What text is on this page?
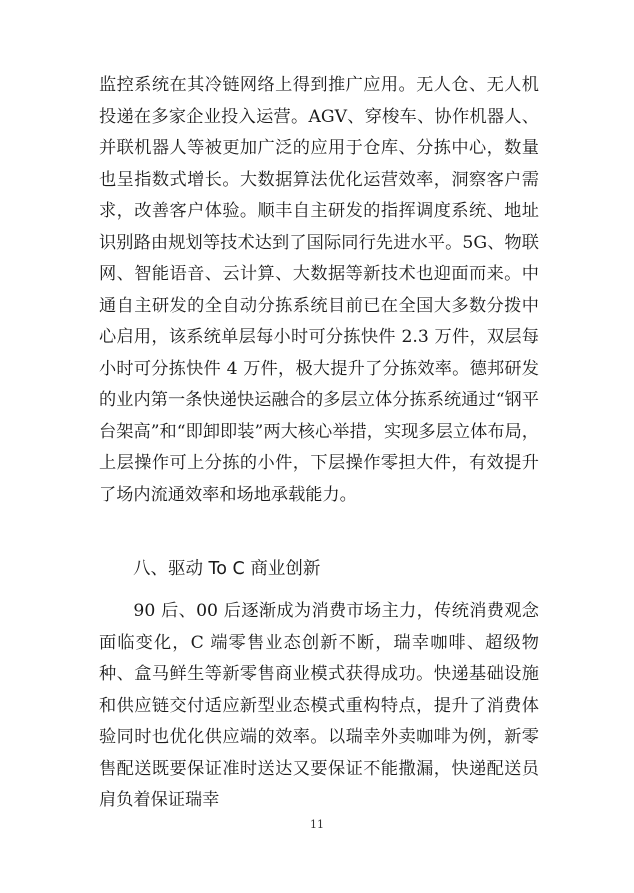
监控系统在其冷链网络上得到推广应用。无人仓、无人机投递在多家企业投入运营。AGV、穿梭车、协作机器人、并联机器人等被更加广泛的应用于仓库、分拣中心，数量也呈指数式增长。大数据算法优化运营效率，洞察客户需求，改善客户体验。顺丰自主研发的指挥调度系统、地址识别路由规划等技术达到了国际同行先进水平。5G、物联网、智能语音、云计算、大数据等新技术也迎面而来。中通自主研发的全自动分拣系统目前已在全国大多数分拨中心启用，该系统单层每小时可分拣快件 2.3 万件，双层每小时可分拣快件 4 万件，极大提升了分拣效率。德邦研发的业内第一条快递快运融合的多层立体分拣系统通过“钢平台架高”和“即卸即装”两大核心举措，实现多层立体布局，上层操作可上分拣的小件，下层操作零担大件，有效提升了场内流通效率和场地承载能力。

八、驱动 To C 商业创新

90 后、00 后逐渐成为消费市场主力，传统消费观念面临变化，C 端零售业态创新不断，瑞幸咖啡、超级物种、盒马鲜生等新零售商业模式获得成功。快递基础设施和供应链交付适应新型业态模式重构特点，提升了消费体验同时也优化供应端的效率。以瑞幸外卖咖啡为例，新零售配送既要保证准时送达又要保证不能撒漏，快递配送员肩负着保证瑞幸

11
